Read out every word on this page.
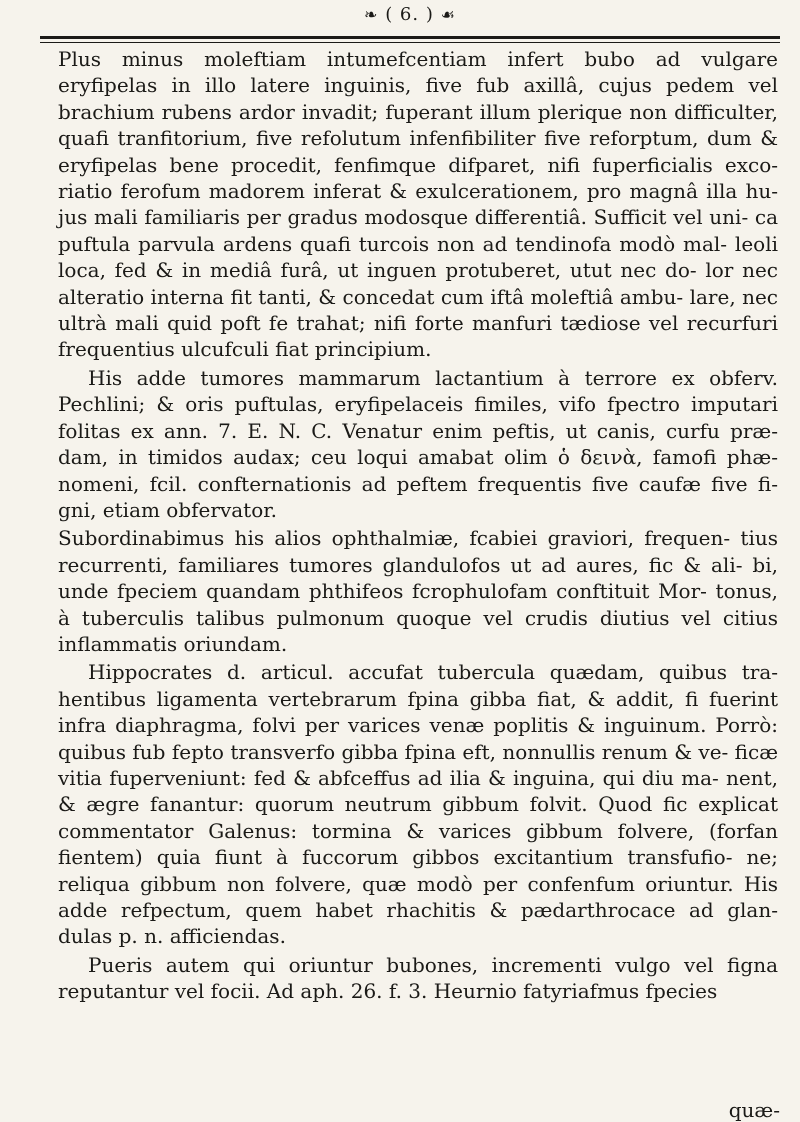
❧ ( 6. ) ☙

Plus minus moleftiam intumefcentiam infert bubo ad vulgare eryfipelas in illo latere inguinis, five fub axillâ, cujus pedem vel brachium rubens ardor invadit; fuperant illum plerique non difficulter, quafi tranfitorium, five refolutum infenfibiliter five reforptum, dum & eryfipelas bene procedit, fenfimque difparet, nifi fuperficialis exco- riatio ferofum madorem inferat & exulcerationem, pro magnâ illa hu- jus mali familiaris per gradus modosque differentiâ. Sufficit vel uni- ca puftula parvula ardens quafi turcois non ad tendinofa modò mal- leoli loca, fed & in mediâ furâ, ut inguen protuberet, utut nec do- lor nec alteratio interna fit tanti, & concedat cum iftâ moleftiâ ambu- lare, nec ultrà mali quid poft fe trahat; nifi forte manfuri tædiose vel recurfuri frequentius ulcufculi fiat principium.

His adde tumores mammarum lactantium à terrore ex obferv. Pechlini; & oris puftulas, eryfipelaceis fimiles, vifo fpectro imputari folitas ex ann. 7. E. N. C. Venatur enim peftis, ut canis, curfu præ- dam, in timidos audax; ceu loqui amabat olim ὁ δεινὰ, famofi phæ- nomeni, fcil. confternationis ad peftem frequentis five caufæ five fi- gni, etiam obfervator.

Subordinabimus his alios ophthalmiæ, fcabiei graviori, frequen- tius recurrenti, familiares tumores glandulofos ut ad aures, fic & ali- bi, unde fpeciem quandam phthifeos fcrophulofam conftituit Mor- tonus, à tuberculis talibus pulmonum quoque vel crudis diutius vel citius inflammatis oriundam.

Hippocrates d. articul. accufat tubercula quædam, quibus tra- hentibus ligamenta vertebrarum fpina gibba fiat, & addit, fi fuerint infra diaphragma, folvi per varices venæ poplitis & inguinum. Porrò: quibus fub fepto transverfo gibba fpina eft, nonnullis renum & ve- ficæ vitia fuperveniunt: fed & abfceffus ad ilia & inguina, qui diu ma- nent, & ægre fanantur: quorum neutrum gibbum folvit. Quod fic explicat commentator Galenus: tormina & varices gibbum folvere, (forfan fientem) quia fiunt à fuccorum gibbos excitantium transfufio- ne; reliqua gibbum non folvere, quæ modò per confenfum oriuntur. His adde refpectum, quem habet rhachitis & pædarthrocace ad glan- dulas p. n. afficiendas.

Pueris autem qui oriuntur bubones, incrementi vulgo vel figna reputantur vel focii. Ad aph. 26. f. 3. Heurnio fatyriafmus fpecies

quæ-
